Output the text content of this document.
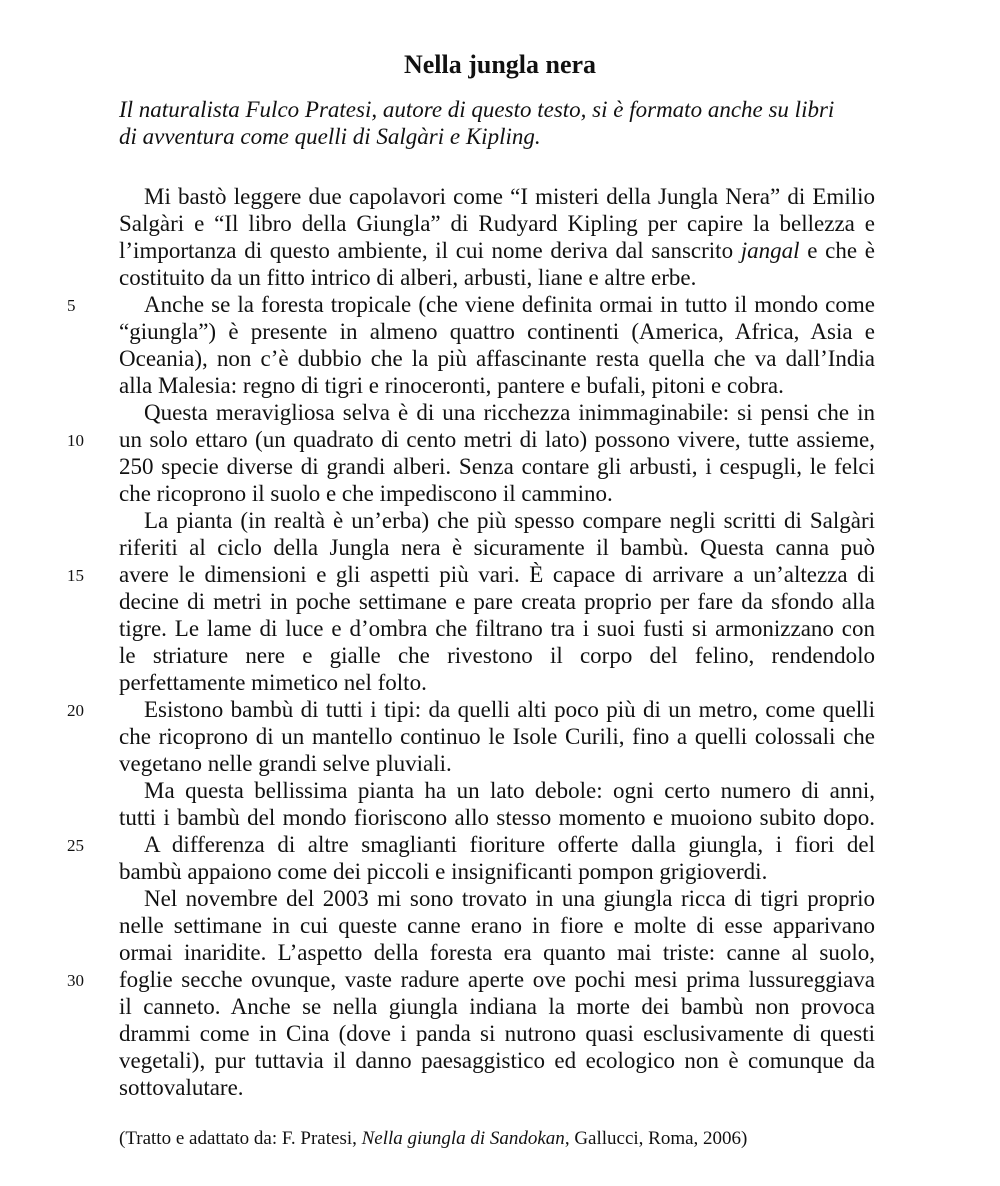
Nella jungla nera
Il naturalista Fulco Pratesi, autore di questo testo, si è formato anche su libri
di avventura come quelli di Salgàri e Kipling.
Mi bastò leggere due capolavori come “I misteri della Jungla Nera” di Emilio
Salgàri e “Il libro della Giungla” di Rudyard Kipling per capire la bellezza e
l’importanza di questo ambiente, il cui nome deriva dal sanscrito jangal e che è
costituito da un fitto intrico di alberi, arbusti, liane e altre erbe.
5	Anche se la foresta tropicale (che viene definita ormai in tutto il mondo come
“giungla”) è presente in almeno quattro continenti (America, Africa, Asia e
Oceania), non c’è dubbio che la più affascinante resta quella che va dall’India
alla Malesia: regno di tigri e rinoceronti, pantere e bufali, pitoni e cobra.
Questa meravigliosa selva è di una ricchezza inimmaginabile: si pensi che in
10 un solo ettaro (un quadrato di cento metri di lato) possono vivere, tutte assieme,
250 specie diverse di grandi alberi. Senza contare gli arbusti, i cespugli, le felci
che ricoprono il suolo e che impediscono il cammino.
La pianta (in realtà è un’erba) che più spesso compare negli scritti di Salgàri
riferiti al ciclo della Jungla nera è sicuramente il bambù. Questa canna può
15 avere le dimensioni e gli aspetti più vari. È capace di arrivare a un’altezza di
decine di metri in poche settimane e pare creata proprio per fare da sfondo alla
tigre. Le lame di luce e d’ombra che filtrano tra i suoi fusti si armonizzano con
le striature nere e gialle che rivestono il corpo del felino, rendendolo
perfettamente mimetico nel folto.
20	Esistono bambù di tutti i tipi: da quelli alti poco più di un metro, come quelli
che ricoprono di un mantello continuo le Isole Curili, fino a quelli colossali che
vegetano nelle grandi selve pluviali.
Ma questa bellissima pianta ha un lato debole: ogni certo numero di anni,
tutti i bambù del mondo fioriscono allo stesso momento e muoiono subito dopo.
25	A differenza di altre smaglianti fioriture offerte dalla giungla, i fiori del
bambù appaiono come dei piccoli e insignificanti pompon grigioverdi.
Nel novembre del 2003 mi sono trovato in una giungla ricca di tigri proprio
nelle settimane in cui queste canne erano in fiore e molte di esse apparivano
ormai inaridite. L’aspetto della foresta era quanto mai triste: canne al suolo,
30 foglie secche ovunque, vaste radure aperte ove pochi mesi prima lussureggiava
il canneto. Anche se nella giungla indiana la morte dei bambù non provoca
drammi come in Cina (dove i panda si nutrono quasi esclusivamente di questi
vegetali), pur tuttavia il danno paesaggistico ed ecologico non è comunque da
sottovalutare.
(Tratto e adattato da: F. Pratesi, Nella giungla di Sandokan, Gallucci, Roma, 2006)
